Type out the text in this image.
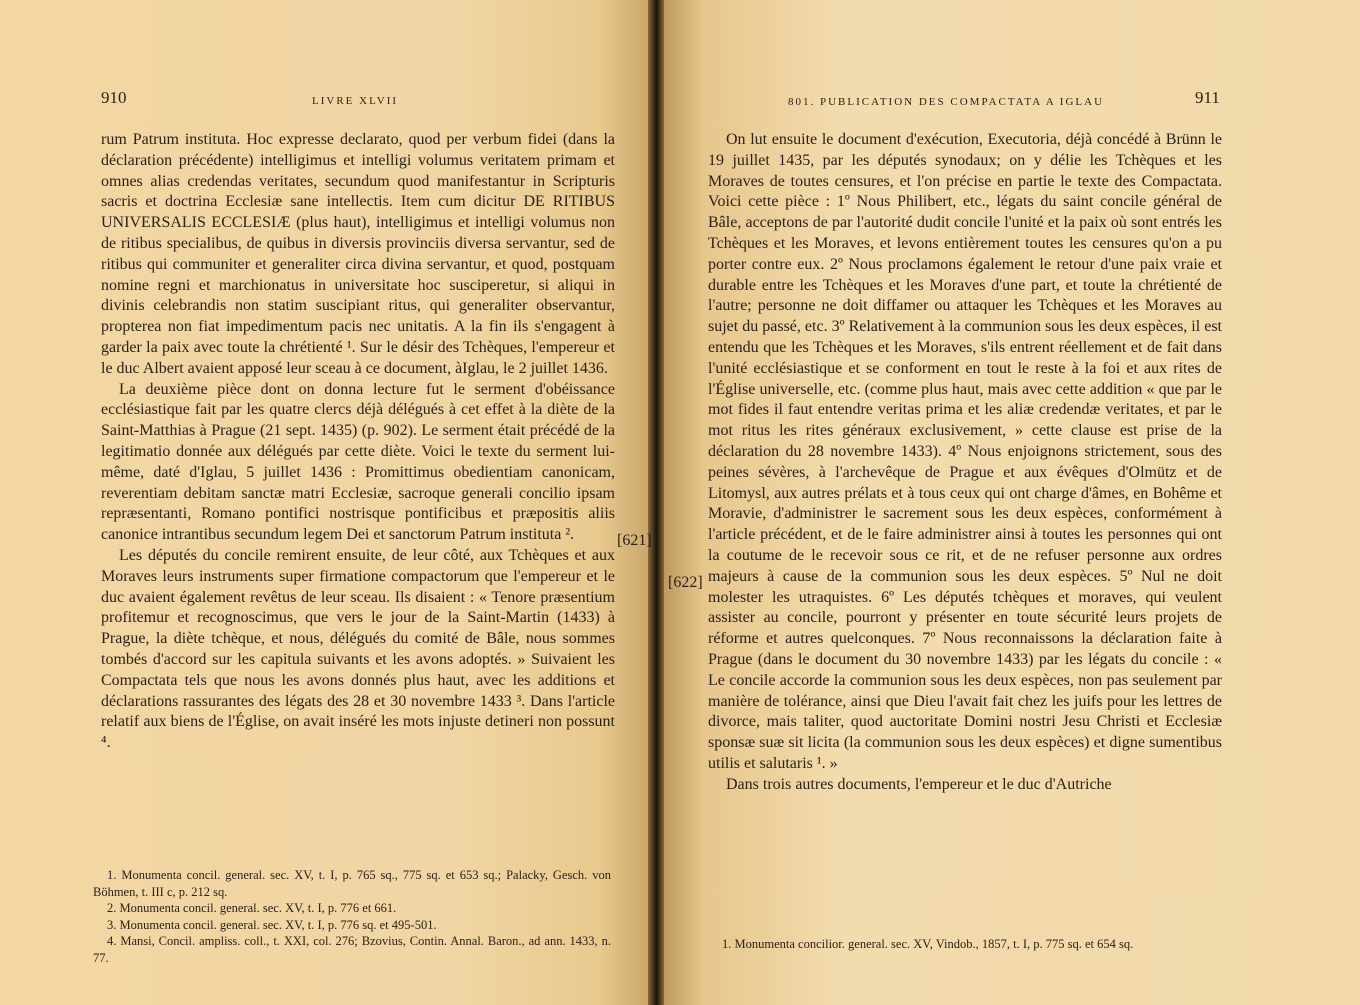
910	LIVRE XLVII

rum Patrum instituta. Hoc expresse declarato, quod per verbum fidei (dans la déclaration précédente) intelligimus et intelligi volumus veritatem primam et omnes alias credendas veritates, secundum quod manifestantur in Scripturis sacris et doctrina Ecclesiæ sane intellectis. Item cum dicitur DE RITIBUS UNIVERSALIS ECCLESIÆ (plus haut), intelligimus et intelligi volumus non de ritibus specialibus, de quibus in diversis provinciis diversa servantur, sed de ritibus qui communiter et generaliter circa divina servantur, et quod, postquam nomine regni et marchionatus in universitate hoc susciperetur, si aliqui in divinis celebrandis non statim suscipiant ritus, qui generaliter observantur, propterea non fiat impedimentum pacis nec unitatis. A la fin ils s'engagent à garder la paix avec toute la chrétienté ¹. Sur le désir des Tchèques, l'empereur et le duc Albert avaient apposé leur sceau à ce document, àIglau, le 2 juillet 1436.

La deuxième pièce dont on donna lecture fut le serment d'obéissance ecclésiastique fait par les quatre clercs déjà délégués à cet effet à la diète de la Saint-Matthias à Prague (21 sept. 1435) (p. 902). Le serment était précédé de la legitimatio donnée aux délégués par cette diète. Voici le texte du serment lui-même, daté d'Iglau, 5 juillet 1436 : Promittimus obedientiam canonicam, reverentiam debitam sanctæ matri Ecclesiæ, sacroque generali concilio ipsam repræsentanti, Romano pontifici nostrisque pontificibus et præpositis aliis canonice intrantibus secundum legem Dei et sanctorum Patrum instituta ².

Les députés du concile remirent ensuite, de leur côté, aux Tchèques et aux Moraves leurs instruments super firmatione compactorum que l'empereur et le duc avaient également revêtus de leur sceau. Ils disaient : « Tenore præsentium profitemur et recognoscimus, que vers le jour de la Saint-Martin (1433) à Prague, la diète tchèque, et nous, délégués du comité de Bâle, nous sommes tombés d'accord sur les capitula suivants et les avons adoptés. » Suivaient les Compactata tels que nous les avons donnés plus haut, avec les additions et déclarations rassurantes des légats des 28 et 30 novembre 1433 ³. Dans l'article relatif aux biens de l'Église, on avait inséré les mots injuste detineri non possunt ⁴.

1. Monumenta concil. general. sec. XV, t. I, p. 765 sq., 775 sq. et 653 sq.; Palacky, Gesch. von Böhmen, t. III c, p. 212 sq.

2. Monumenta concil. general. sec. XV, t. I, p. 776 et 661.

3. Monumenta concil. general. sec. XV, t. I, p. 776 sq. et 495-501.

4. Mansi, Concil. ampliss. coll., t. XXI, col. 276; Bzovius, Contin. Annal. Baron., ad ann. 1433, n. 77.

[621]
801. PUBLICATION DES COMPACTATA A IGLAU	911

On lut ensuite le document d'exécution, Executoria, déjà concédé à Brünn le 19 juillet 1435, par les députés synodaux; on y délie les Tchèques et les Moraves de toutes censures, et l'on précise en partie le texte des Compactata. Voici cette pièce : 1º Nous Philibert, etc., légats du saint concile général de Bâle, acceptons de par l'autorité dudit concile l'unité et la paix où sont entrés les Tchèques et les Moraves, et levons entièrement toutes les censures qu'on a pu porter contre eux. 2º Nous proclamons également le retour d'une paix vraie et durable entre les Tchèques et les Moraves d'une part, et toute la chrétienté de l'autre; personne ne doit diffamer ou attaquer les Tchèques et les Moraves au sujet du passé, etc. 3º Relativement à la communion sous les deux espèces, il est entendu que les Tchèques et les Moraves, s'ils entrent réellement et de fait dans l'unité ecclésiastique et se conforment en tout le reste à la foi et aux rites de l'Église universelle, etc. (comme plus haut, mais avec cette addition « que par le mot fides il faut entendre veritas prima et les aliæ credendæ veritates, et par le mot ritus les rites généraux exclusivement, » cette clause est prise de la déclaration du 28 novembre 1433). 4º Nous enjoignons strictement, sous des peines sévères, à l'archevêque de Prague et aux évêques d'Olmütz et de Litomysl, aux autres prélats et à tous ceux qui ont charge d'âmes, en Bohême et Moravie, d'administrer le sacrement sous les deux espèces, conformément à l'article précédent, et de le faire administrer ainsi à toutes les personnes qui ont la coutume de le recevoir sous ce rit, et de ne refuser personne aux ordres majeurs à cause de la communion sous les deux espèces. 5º Nul ne doit molester les utraquistes. 6º Les députés tchèques et moraves, qui veulent assister au concile, pourront y présenter en toute sécurité leurs projets de réforme et autres quelconques. 7º Nous reconnaissons la déclaration faite à Prague (dans le document du 30 novembre 1433) par les légats du concile : « Le concile accorde la communion sous les deux espèces, non pas seulement par manière de tolérance, ainsi que Dieu l'avait fait chez les juifs pour les lettres de divorce, mais taliter, quod auctoritate Domini nostri Jesu Christi et Ecclesiæ sponsæ suæ sit licita (la communion sous les deux espèces) et digne sumentibus utilis et salutaris ¹. »

Dans trois autres documents, l'empereur et le duc d'Autriche

1. Monumenta concilior. general. sec. XV, Vindob., 1857, t. I, p. 775 sq. et 654 sq.

[622]
